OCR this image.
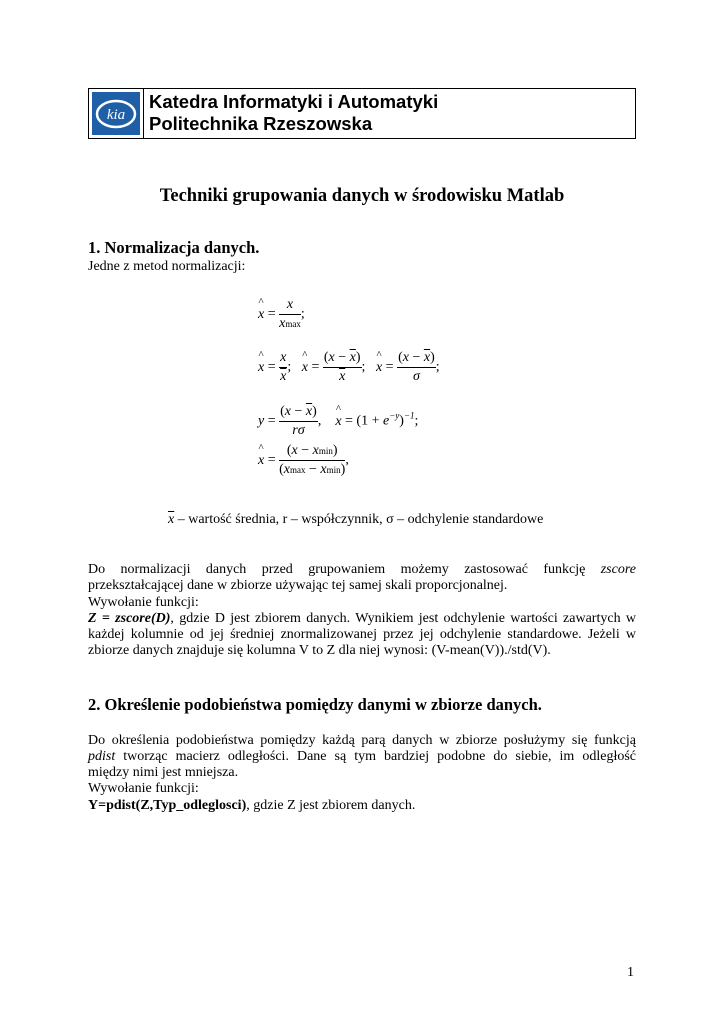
kia
Katedra Informatyki i Automatyki
Politechnika Rzeszowska
Techniki grupowania danych w środowisku Matlab
1. Normalizacja danych.
Jedne z metod normalizacji:
^ $x = \frac{x}{xmax}$ ;
^ $x = \frac{x}{x}$ ; ^ $x = \frac{(x - \overline{x})}{x}$ ; ^ $x = \frac{(x - \overline{x})}{\sigma}$ ;
$y = \frac{(x - \overline{x})}{r\sigma}$ , ^ $x = (1 + e^{-y})^{-1}$;
^ $x = \frac{(x - xmin)}{(xmax - xmin)}$ ,
$\overline{x}$ – wartość średnia, r – współczynnik, σ – odchylenie standardowe
Do normalizacji danych przed grupowaniem możemy zastosować funkcję zscore
przekształcającej dane w zbiorze używając tej samej skali proporcjonalnej.
Wywołanie funkcji:
Z = zscore(D), gdzie D jest zbiorem danych. Wynikiem jest odchylenie wartości zawartych w
każdej kolumnie od jej średniej znormalizowanej przez jej odchylenie standardowe. Jeżeli w
zbiorze danych znajduje się kolumna V to Z dla niej wynosi: (V-mean(V))./std(V).
2. Określenie podobieństwa pomiędzy danymi w zbiorze danych.
Do określenia podobieństwa pomiędzy każdą parą danych w zbiorze posłużymy się funkcją
pdist tworząc macierz odległości. Dane są tym bardziej podobne do siebie, im odległość
między nimi jest mniejsza.
Wywołanie funkcji:
Y=pdist(Z,Typ_odleglosci), gdzie Z jest zbiorem danych.
1
